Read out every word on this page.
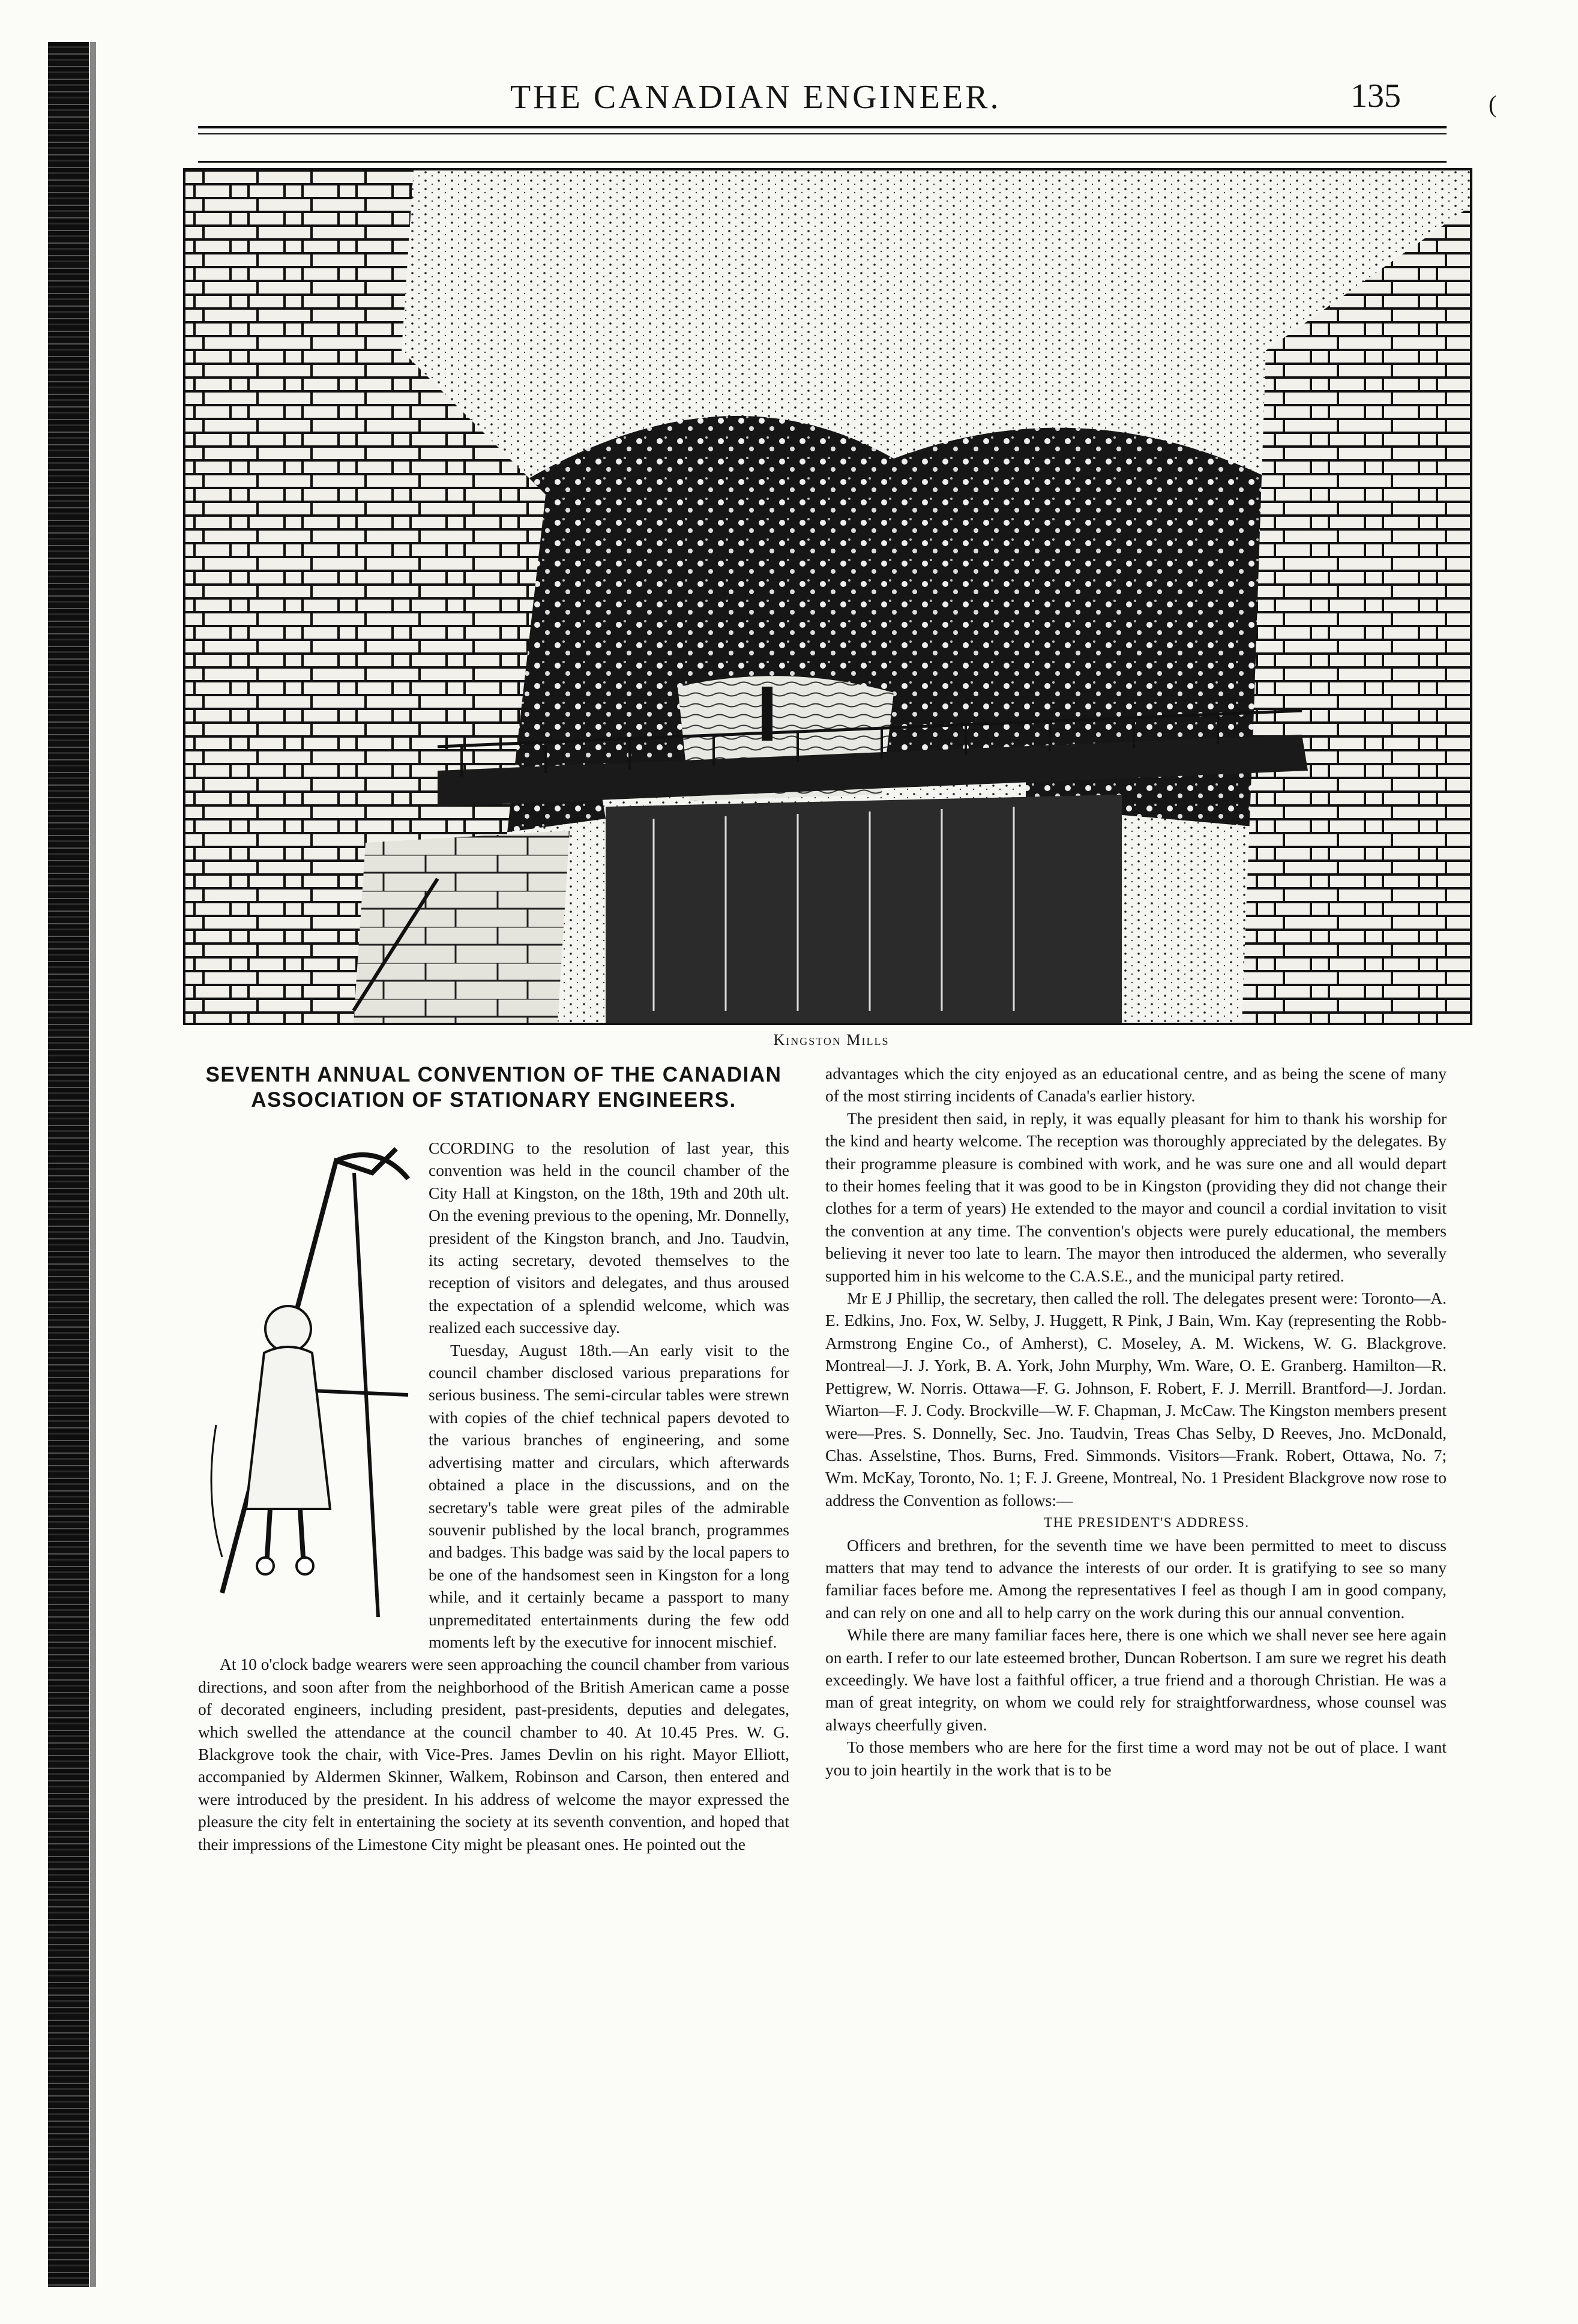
THE CANADIAN ENGINEER.	135	(
Kingston Mills
SEVENTH ANNUAL CONVENTION OF THE CANADIAN ASSOCIATION OF STATIONARY ENGINEERS.

CCORDING to the resolution of last year, this convention was held in the council chamber of the City Hall at Kingston, on the 18th, 19th and 20th ult. On the evening previous to the opening, Mr. Donnelly, president of the Kingston branch, and Jno. Taudvin, its acting secretary, devoted themselves to the reception of visitors and delegates, and thus aroused the expectation of a splendid welcome, which was realized each successive day.

Tuesday, August 18th.—An early visit to the council chamber disclosed various preparations for serious business. The semi-circular tables were strewn with copies of the chief technical papers devoted to the various branches of engineering, and some advertising matter and circulars, which afterwards obtained a place in the discussions, and on the secretary's table were great piles of the admirable souvenir published by the local branch, programmes and badges. This badge was said by the local papers to be one of the handsomest seen in Kingston for a long while, and it certainly became a passport to many unpremeditated entertainments during the few odd moments left by the executive for innocent mischief.

At 10 o'clock badge wearers were seen approaching the council chamber from various directions, and soon after from the neighborhood of the British American came a posse of decorated engineers, including president, past-presidents, deputies and delegates, which swelled the attendance at the council chamber to 40. At 10.45 Pres. W. G. Blackgrove took the chair, with Vice-Pres. James Devlin on his right. Mayor Elliott, accompanied by Aldermen Skinner, Walkem, Robinson and Carson, then entered and were introduced by the president. In his address of welcome the mayor expressed the pleasure the city felt in entertaining the society at its seventh convention, and hoped that their impressions of the Limestone City might be pleasant ones. He pointed out the

advantages which the city enjoyed as an educational centre, and as being the scene of many of the most stirring incidents of Canada's earlier history.

The president then said, in reply, it was equally pleasant for him to thank his worship for the kind and hearty welcome. The reception was thoroughly appreciated by the delegates. By their programme pleasure is combined with work, and he was sure one and all would depart to their homes feeling that it was good to be in Kingston (providing they did not change their clothes for a term of years) He extended to the mayor and council a cordial invitation to visit the convention at any time. The convention's objects were purely educational, the members believing it never too late to learn. The mayor then introduced the aldermen, who severally supported him in his welcome to the C.A.S.E., and the municipal party retired.

Mr E J Phillip, the secretary, then called the roll. The delegates present were: Toronto—A. E. Edkins, Jno. Fox, W. Selby, J. Huggett, R Pink, J Bain, Wm. Kay (representing the Robb-Armstrong Engine Co., of Amherst), C. Moseley, A. M. Wickens, W. G. Blackgrove. Montreal—J. J. York, B. A. York, John Murphy, Wm. Ware, O. E. Granberg. Hamilton—R. Pettigrew, W. Norris. Ottawa—F. G. Johnson, F. Robert, F. J. Merrill. Brantford—J. Jordan. Wiarton—F. J. Cody. Brockville—W. F. Chapman, J. McCaw. The Kingston members present were—Pres. S. Donnelly, Sec. Jno. Taudvin, Treas Chas Selby, D Reeves, Jno. McDonald, Chas. Asselstine, Thos. Burns, Fred. Simmonds. Visitors—Frank. Robert, Ottawa, No. 7; Wm. McKay, Toronto, No. 1; F. J. Greene, Montreal, No. 1 President Blackgrove now rose to address the Convention as follows:—

THE PRESIDENT'S ADDRESS.

Officers and brethren, for the seventh time we have been permitted to meet to discuss matters that may tend to advance the interests of our order. It is gratifying to see so many familiar faces before me. Among the representatives I feel as though I am in good company, and can rely on one and all to help carry on the work during this our annual convention.

While there are many familiar faces here, there is one which we shall never see here again on earth. I refer to our late esteemed brother, Duncan Robertson. I am sure we regret his death exceedingly. We have lost a faithful officer, a true friend and a thorough Christian. He was a man of great integrity, on whom we could rely for straightforwardness, whose counsel was always cheerfully given.

To those members who are here for the first time a word may not be out of place. I want you to join heartily in the work that is to be
